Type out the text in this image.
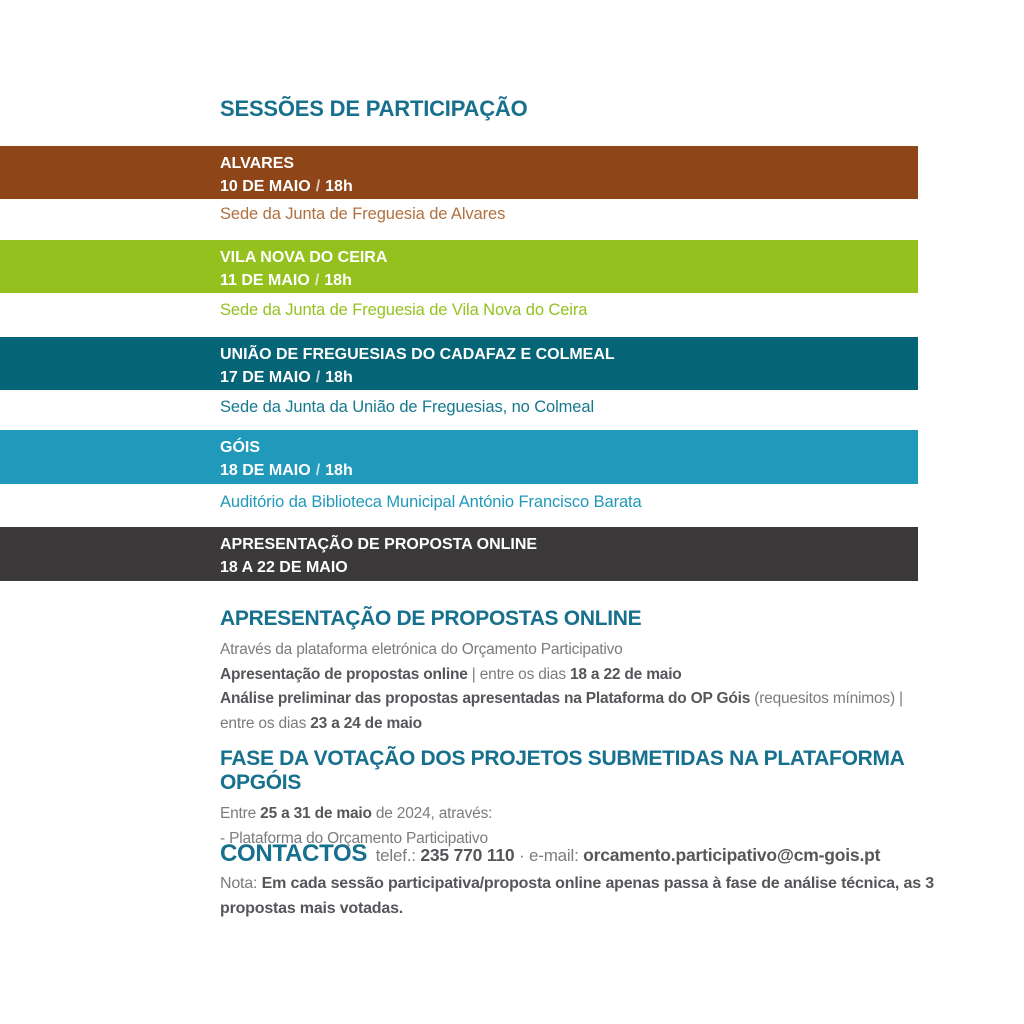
SESSÕES DE PARTICIPAÇÃO
ALVARES
10 DE MAIO / 18h
Sede da Junta de Freguesia de Alvares
VILA NOVA DO CEIRA
11 DE MAIO / 18h
Sede da Junta de Freguesia de Vila Nova do Ceira
UNIÃO DE FREGUESIAS DO CADAFAZ E COLMEAL
17 DE MAIO / 18h
Sede da Junta da União de Freguesias, no Colmeal
GÓIS
18 DE MAIO / 18h
Auditório da Biblioteca Municipal António Francisco Barata
APRESENTAÇÃO DE PROPOSTA ONLINE
18 A 22 DE MAIO
APRESENTAÇÃO DE PROPOSTAS ONLINE

Através da plataforma eletrónica do Orçamento Participativo
Apresentação de propostas online | entre os dias 18 a 22 de maio
Análise preliminar das propostas apresentadas na Plataforma do OP Góis (requesitos mínimos) | entre os dias 23 a 24 de maio

FASE DA VOTAÇÃO DOS PROJETOS SUBMETIDAS NA PLATAFORMA OPGÓIS

Entre 25 a 31 de maio de 2024, através:
- Plataforma do Orçamento Participativo

CONTACTOS telef.: 235 770 110 · e-mail: orcamento.participativo@cm-gois.pt

Nota: Em cada sessão participativa/proposta online apenas passa à fase de análise técnica, as 3 propostas mais votadas.
